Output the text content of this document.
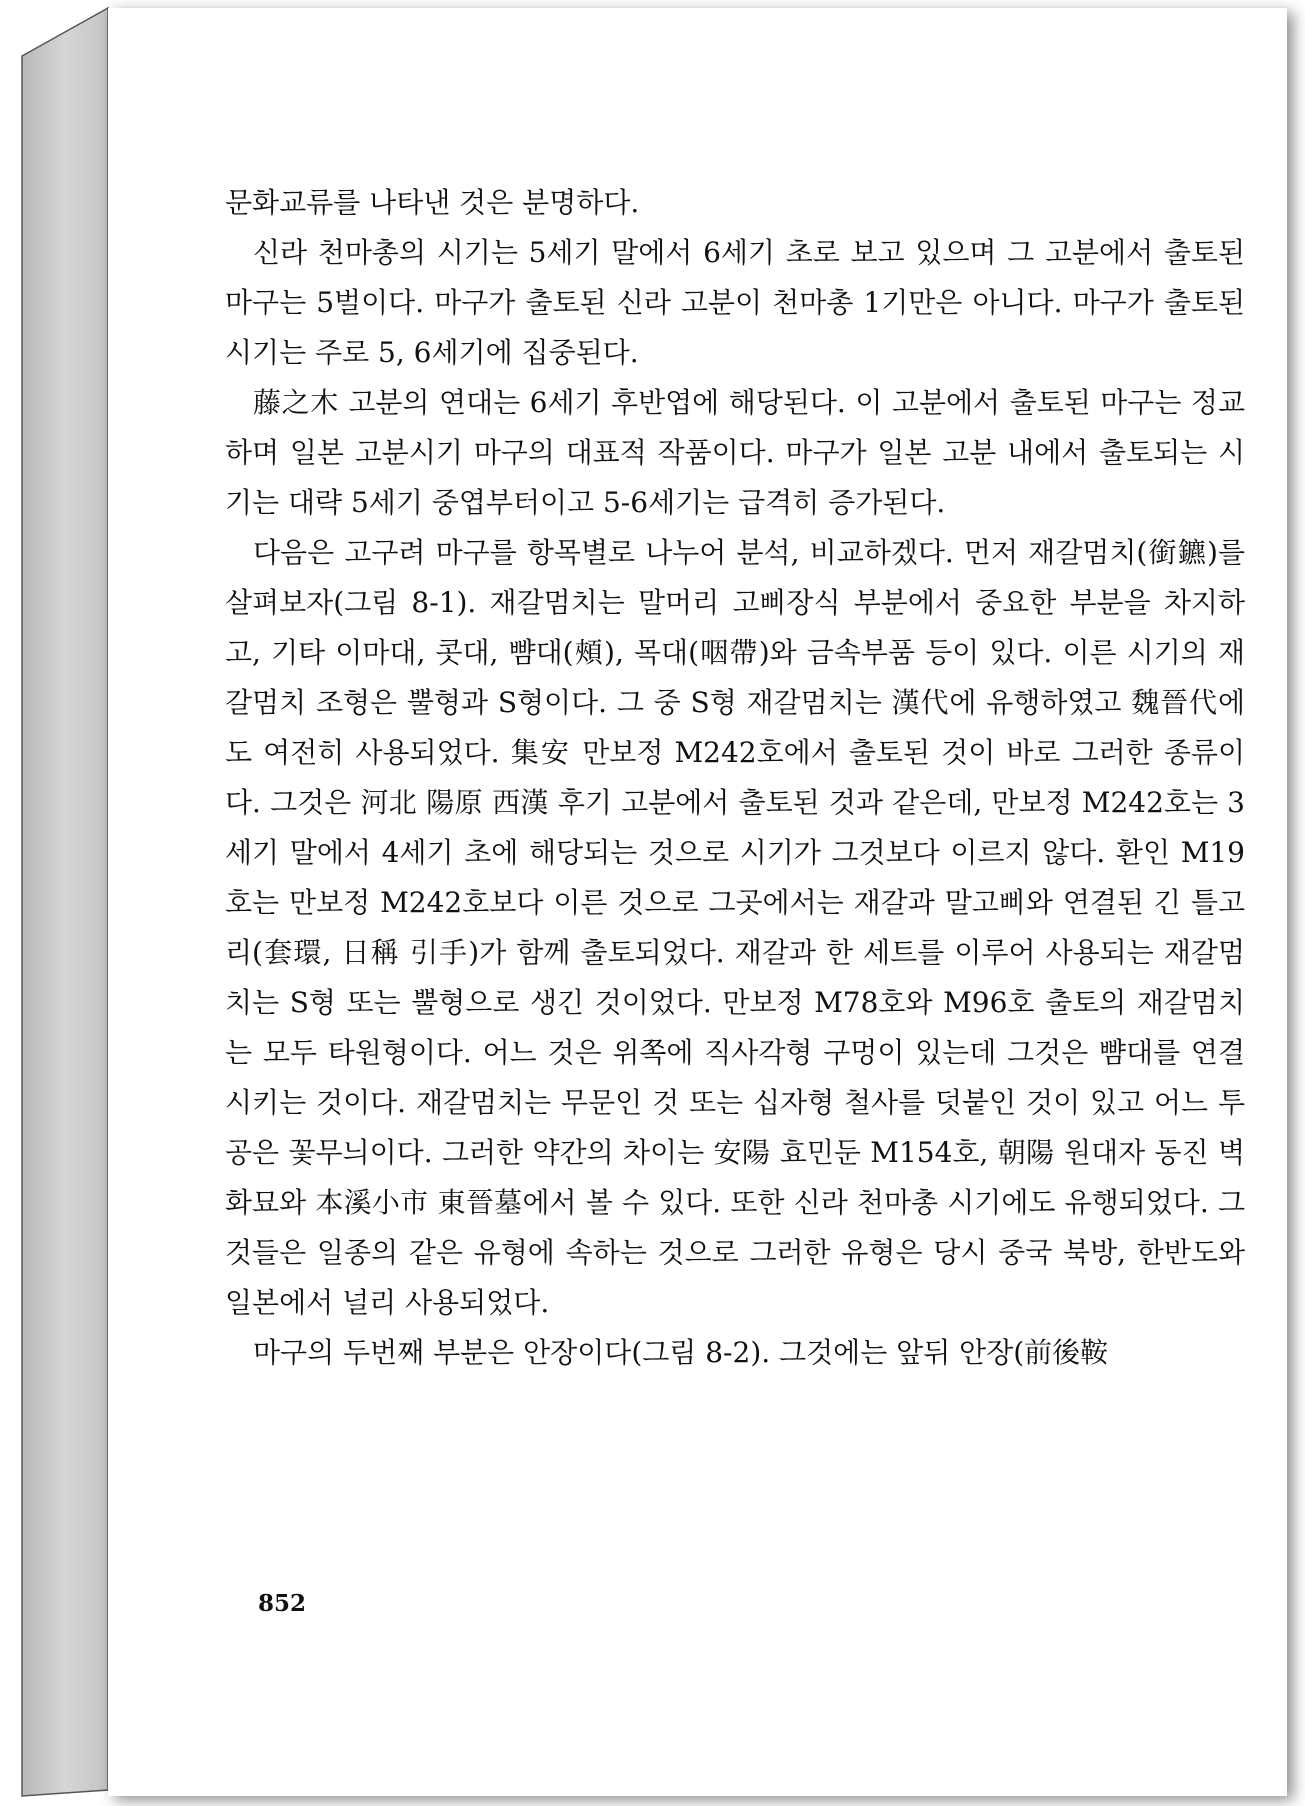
문화교류를 나타낸 것은 분명하다.

신라 천마총의 시기는 5세기 말에서 6세기 초로 보고 있으며 그 고분에서 출토된 마구는 5벌이다. 마구가 출토된 신라 고분이 천마총 1기만은 아니다. 마구가 출토된 시기는 주로 5, 6세기에 집중된다.

藤之木 고분의 연대는 6세기 후반엽에 해당된다. 이 고분에서 출토된 마구는 정교하며 일본 고분시기 마구의 대표적 작품이다. 마구가 일본 고분 내에서 출토되는 시기는 대략 5세기 중엽부터이고 5-6세기는 급격히 증가된다.

다음은 고구려 마구를 항목별로 나누어 분석, 비교하겠다. 먼저 재갈멈치(銜鑣)를 살펴보자(그림 8-1). 재갈멈치는 말머리 고삐장식 부분에서 중요한 부분을 차지하고, 기타 이마대, 콧대, 뺨대(頰), 목대(咽帶)와 금속부품 등이 있다. 이른 시기의 재갈멈치 조형은 뿔형과 S형이다. 그 중 S형 재갈멈치는 漢代에 유행하였고 魏晉代에도 여전히 사용되었다. 集安 만보정 M242호에서 출토된 것이 바로 그러한 종류이다. 그것은 河北 陽原 西漢 후기 고분에서 출토된 것과 같은데, 만보정 M242호는 3세기 말에서 4세기 초에 해당되는 것으로 시기가 그것보다 이르지 않다. 환인 M19호는 만보정 M242호보다 이른 것으로 그곳에서는 재갈과 말고삐와 연결된 긴 틀고리(套環, 日稱 引手)가 함께 출토되었다. 재갈과 한 세트를 이루어 사용되는 재갈멈치는 S형 또는 뿔형으로 생긴 것이었다. 만보정 M78호와 M96호 출토의 재갈멈치는 모두 타원형이다. 어느 것은 위쪽에 직사각형 구멍이 있는데 그것은 뺨대를 연결시키는 것이다. 재갈멈치는 무문인 것 또는 십자형 철사를 덧붙인 것이 있고 어느 투공은 꽃무늬이다. 그러한 약간의 차이는 安陽 효민둔 M154호, 朝陽 원대자 동진 벽화묘와 本溪小市 東晉墓에서 볼 수 있다. 또한 신라 천마총 시기에도 유행되었다. 그것들은 일종의 같은 유형에 속하는 것으로 그러한 유형은 당시 중국 북방, 한반도와 일본에서 널리 사용되었다.

마구의 두번째 부분은 안장이다(그림 8-2). 그것에는 앞뒤 안장(前後鞍

852
